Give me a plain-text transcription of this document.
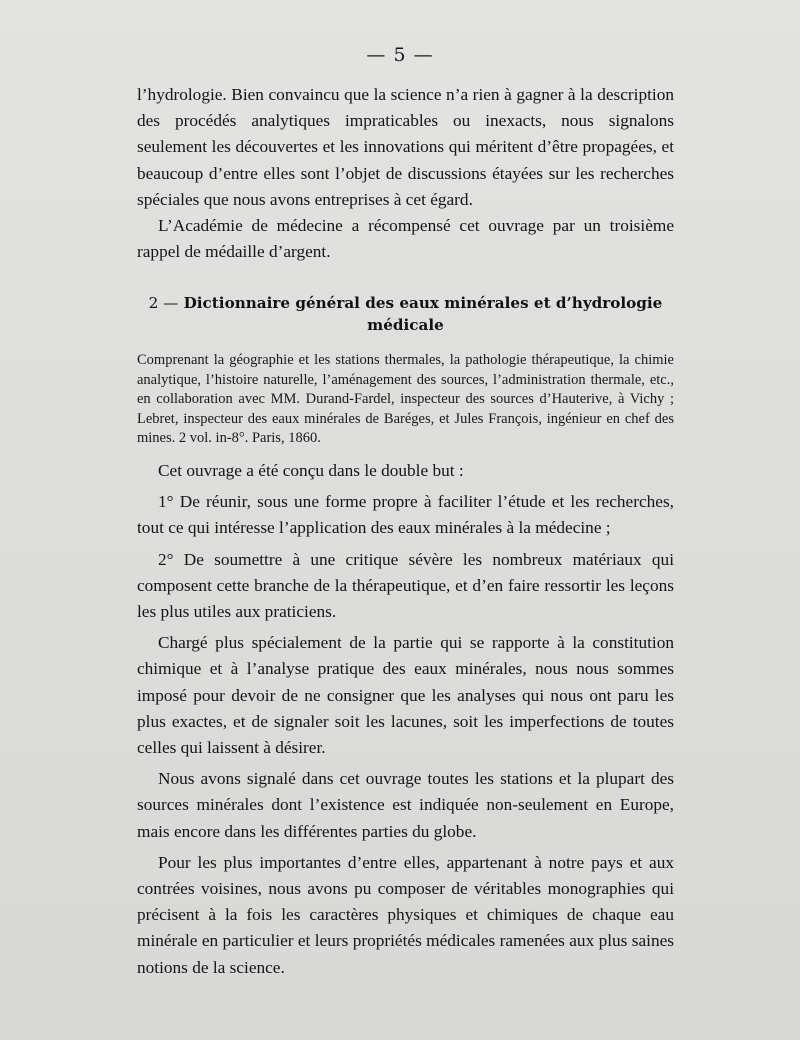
— 5 —

l’hydrologie. Bien convaincu que la science n’a rien à gagner à la description des procédés analytiques impraticables ou inexacts, nous signalons seulement les découvertes et les innovations qui méritent d’être propagées, et beaucoup d’entre elles sont l’objet de discussions étayées sur les recherches spéciales que nous avons entreprises à cet égard.

L’Académie de médecine a récompensé cet ouvrage par un troisième rappel de médaille d’argent.

2 — Dictionnaire général des eaux minérales et d’hydrologie médicale
Comprenant la géographie et les stations thermales, la pathologie thérapeutique, la chimie analytique, l’histoire naturelle, l’aménagement des sources, l’administration thermale, etc., en collaboration avec MM. Durand-Fardel, inspecteur des sources d’Hauterive, à Vichy ; Lebret, inspecteur des eaux minérales de Baréges, et Jules François, ingénieur en chef des mines. 2 vol. in-8°. Paris, 1860.

Cet ouvrage a été conçu dans le double but :

1° De réunir, sous une forme propre à faciliter l’étude et les recherches, tout ce qui intéresse l’application des eaux minérales à la médecine ;

2° De soumettre à une critique sévère les nombreux matériaux qui composent cette branche de la thérapeutique, et d’en faire ressortir les leçons les plus utiles aux praticiens.

Chargé plus spécialement de la partie qui se rapporte à la constitution chimique et à l’analyse pratique des eaux minérales, nous nous sommes imposé pour devoir de ne consigner que les analyses qui nous ont paru les plus exactes, et de signaler soit les lacunes, soit les imperfections de toutes celles qui laissent à désirer.

Nous avons signalé dans cet ouvrage toutes les stations et la plupart des sources minérales dont l’existence est indiquée non-seulement en Europe, mais encore dans les différentes parties du globe.

Pour les plus importantes d’entre elles, appartenant à notre pays et aux contrées voisines, nous avons pu composer de véritables monographies qui précisent à la fois les caractères physiques et chimiques de chaque eau minérale en particulier et leurs propriétés médicales ramenées aux plus saines notions de la science.
